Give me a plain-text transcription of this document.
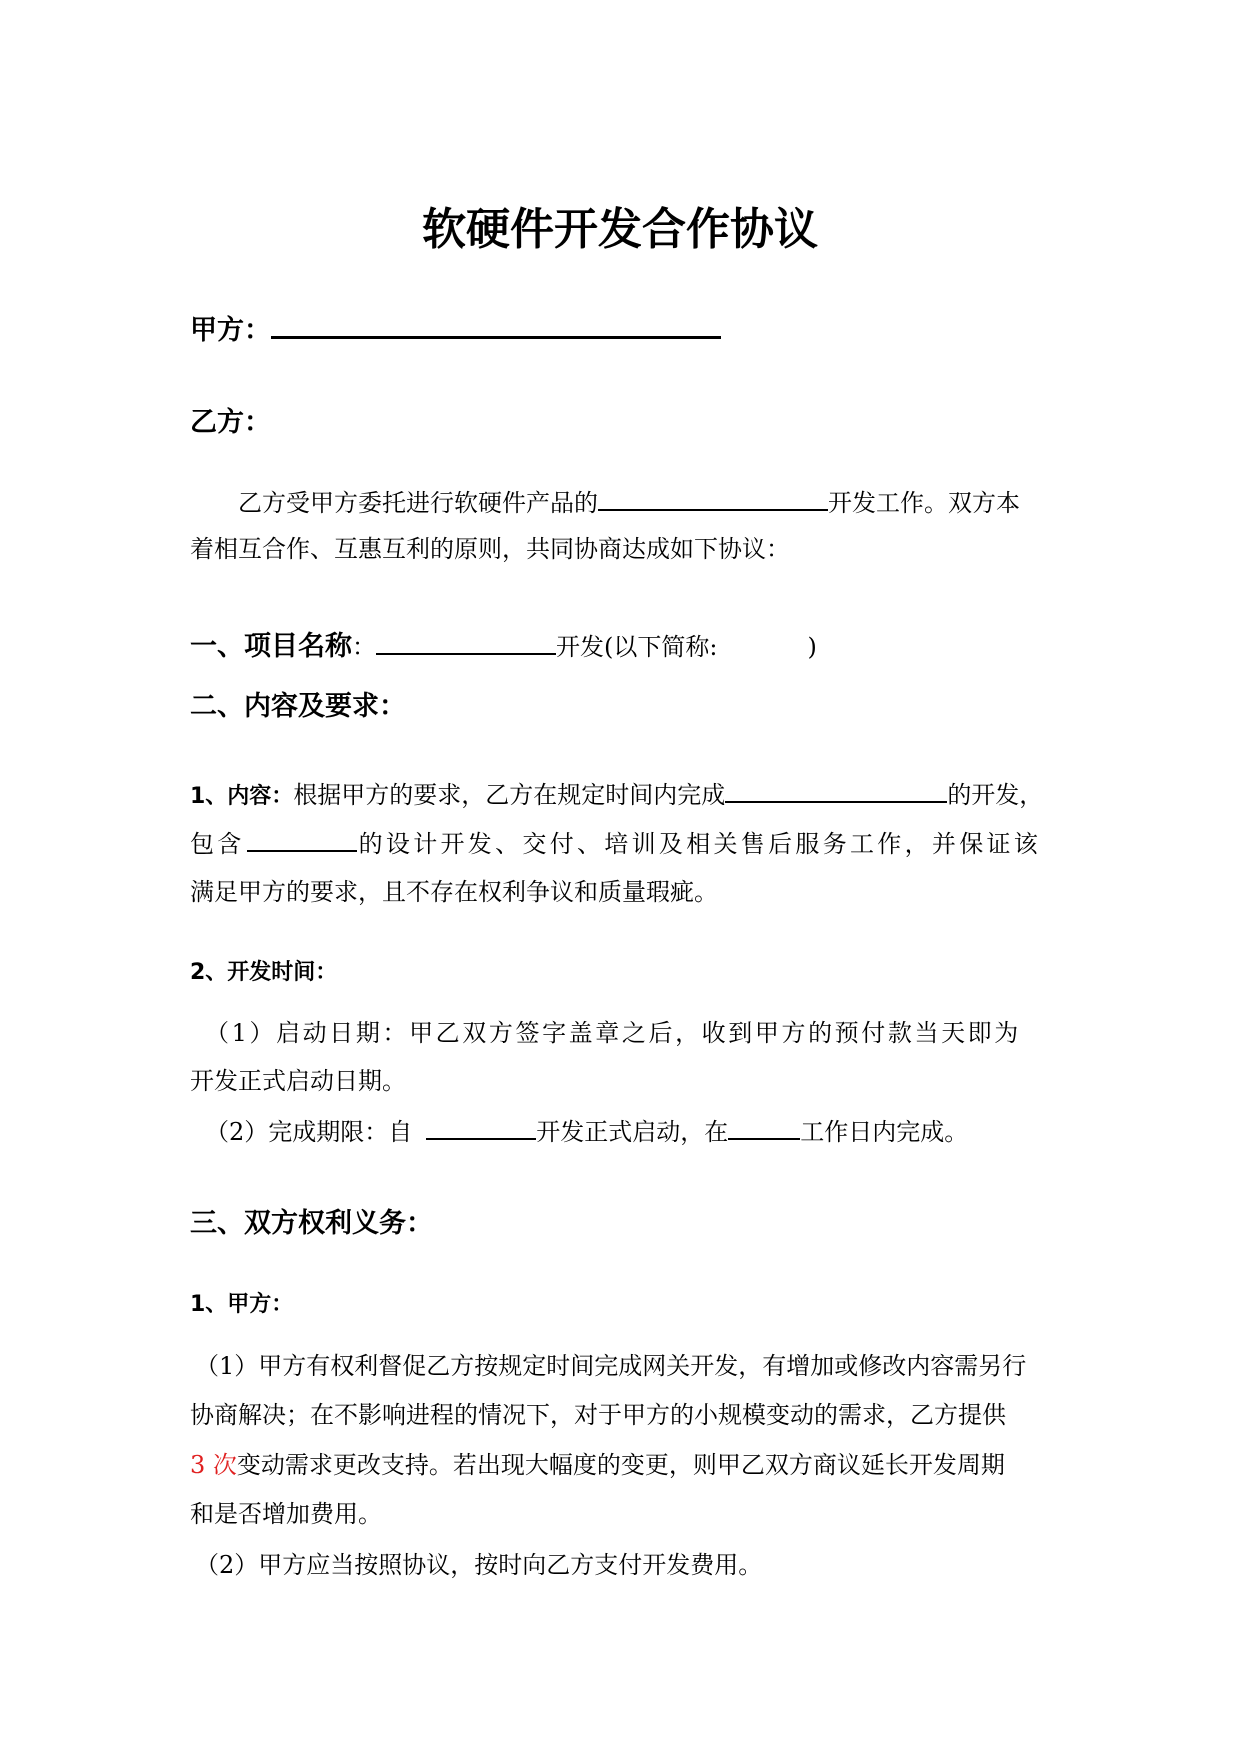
软硬件开发合作协议
甲方：
乙方：
乙方受甲方委托进行软硬件产品的	开发工作。双方本
着相互合作、互惠互利的原则，共同协商达成如下协议：
一、项目名称：	开发(以下简称:	)
二、内容及要求：
1、内容：根据甲方的要求，乙方在规定时间内完成	的开发，
包含	的设计开发、交付、培训及相关售后服务工作，并保证该
满足甲方的要求，且不存在权利争议和质量瑕疵。
2、开发时间：
（1）启动日期：甲乙双方签字盖章之后，收到甲方的预付款当天即为
开发正式启动日期。
（2）完成期限：自	开发正式启动，在	工作日内完成。
三、双方权利义务：
1、甲方：
（1）甲方有权利督促乙方按规定时间完成网关开发，有增加或修改内容需另行
协商解决；在不影响进程的情况下，对于甲方的小规模变动的需求，乙方提供
3 次变动需求更改支持。若出现大幅度的变更，则甲乙双方商议延长开发周期
和是否增加费用。
（2）甲方应当按照协议，按时向乙方支付开发费用。
